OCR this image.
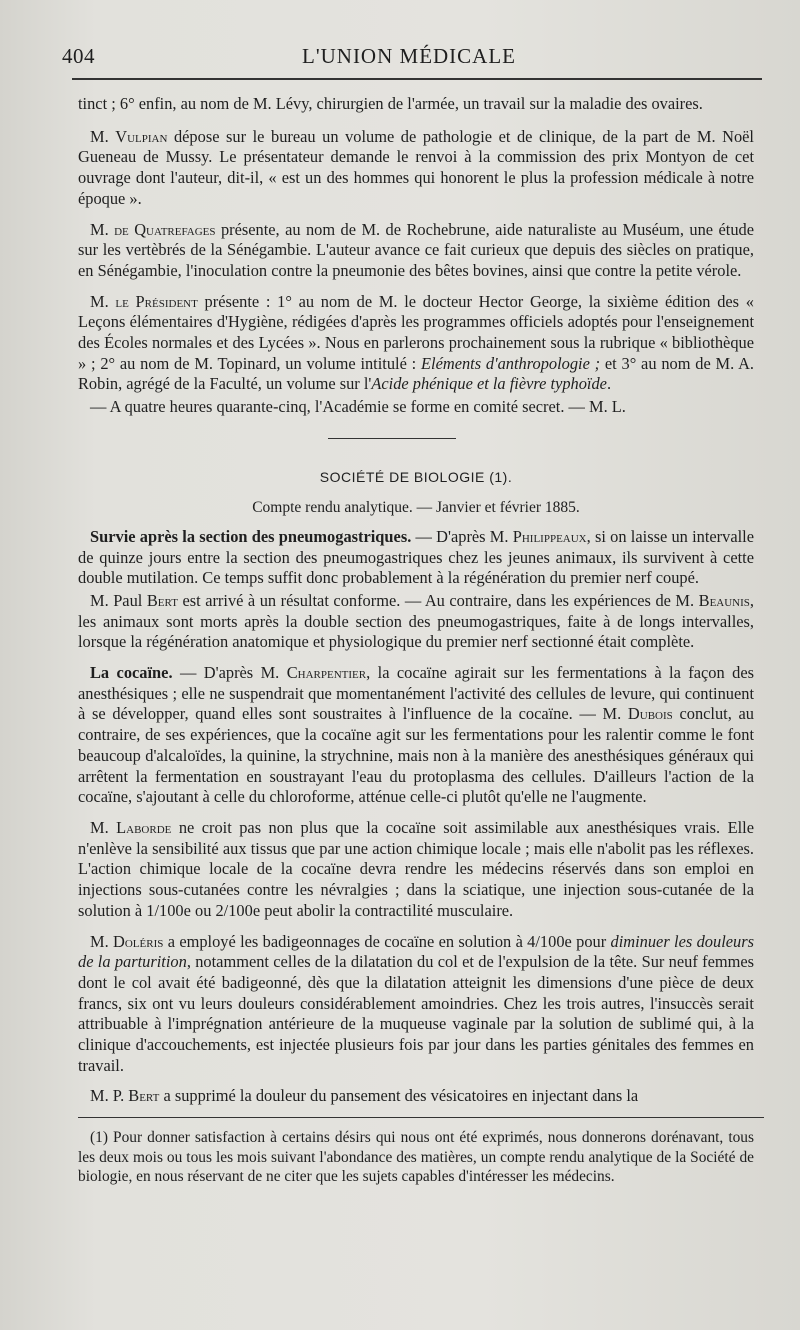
404	L'UNION MÉDICALE

tinct ; 6° enfin, au nom de M. Lévy, chirurgien de l'armée, un travail sur la maladie des ovaires.

M. Vulpian dépose sur le bureau un volume de pathologie et de clinique, de la part de M. Noël Gueneau de Mussy. Le présentateur demande le renvoi à la commission des prix Montyon de cet ouvrage dont l'auteur, dit-il, « est un des hommes qui honorent le plus la profession médicale à notre époque ».

M. de Quatrefages présente, au nom de M. de Rochebrune, aide naturaliste au Muséum, une étude sur les vertèbrés de la Sénégambie. L'auteur avance ce fait curieux que depuis des siècles on pratique, en Sénégambie, l'inoculation contre la pneumonie des bêtes bovines, ainsi que contre la petite vérole.

M. le Président présente : 1° au nom de M. le docteur Hector George, la sixième édition des « Leçons élémentaires d'Hygiène, rédigées d'après les programmes officiels adoptés pour l'enseignement des Écoles normales et des Lycées ». Nous en parlerons prochainement sous la rubrique « bibliothèque » ; 2° au nom de M. Topinard, un volume intitulé : Eléments d'anthropologie ; et 3° au nom de M. A. Robin, agrégé de la Faculté, un volume sur l'Acide phénique et la fièvre typhoïde.

— A quatre heures quarante-cinq, l'Académie se forme en comité secret. — M. L.

SOCIÉTÉ DE BIOLOGIE (1).
Compte rendu analytique. — Janvier et février 1885.

Survie après la section des pneumogastriques. — D'après M. Philippeaux, si on laisse un intervalle de quinze jours entre la section des pneumogastriques chez les jeunes animaux, ils survivent à cette double mutilation. Ce temps suffit donc probablement à la régénération du premier nerf coupé.

M. Paul Bert est arrivé à un résultat conforme. — Au contraire, dans les expériences de M. Beaunis, les animaux sont morts après la double section des pneumogastriques, faite à de longs intervalles, lorsque la régénération anatomique et physiologique du premier nerf sectionné était complète.

La cocaïne. — D'après M. Charpentier, la cocaïne agirait sur les fermentations à la façon des anesthésiques ; elle ne suspendrait que momentanément l'activité des cellules de levure, qui continuent à se développer, quand elles sont soustraites à l'influence de la cocaïne. — M. Dubois conclut, au contraire, de ses expériences, que la cocaïne agit sur les fermentations pour les ralentir comme le font beaucoup d'alcaloïdes, la quinine, la strychnine, mais non à la manière des anesthésiques généraux qui arrêtent la fermentation en soustrayant l'eau du protoplasma des cellules. D'ailleurs l'action de la cocaïne, s'ajoutant à celle du chloroforme, atténue celle-ci plutôt qu'elle ne l'augmente.

M. Laborde ne croit pas non plus que la cocaïne soit assimilable aux anesthésiques vrais. Elle n'enlève la sensibilité aux tissus que par une action chimique locale ; mais elle n'abolit pas les réflexes. L'action chimique locale de la cocaïne devra rendre les médecins réservés dans son emploi en injections sous-cutanées contre les névralgies ; dans la sciatique, une injection sous-cutanée de la solution à 1/100e ou 2/100e peut abolir la contractilité musculaire.

M. Doléris a employé les badigeonnages de cocaïne en solution à 4/100e pour diminuer les douleurs de la parturition, notamment celles de la dilatation du col et de l'expulsion de la tête. Sur neuf femmes dont le col avait été badigeonné, dès que la dilatation atteignit les dimensions d'une pièce de deux francs, six ont vu leurs douleurs considérablement amoindries. Chez les trois autres, l'insuccès serait attribuable à l'imprégnation antérieure de la muqueuse vaginale par la solution de sublimé qui, à la clinique d'accouchements, est injectée plusieurs fois par jour dans les parties génitales des femmes en travail.

M. P. Bert a supprimé la douleur du pansement des vésicatoires en injectant dans la

(1) Pour donner satisfaction à certains désirs qui nous ont été exprimés, nous donnerons dorénavant, tous les deux mois ou tous les mois suivant l'abondance des matières, un compte rendu analytique de la Société de biologie, en nous réservant de ne citer que les sujets capables d'intéresser les médecins.
